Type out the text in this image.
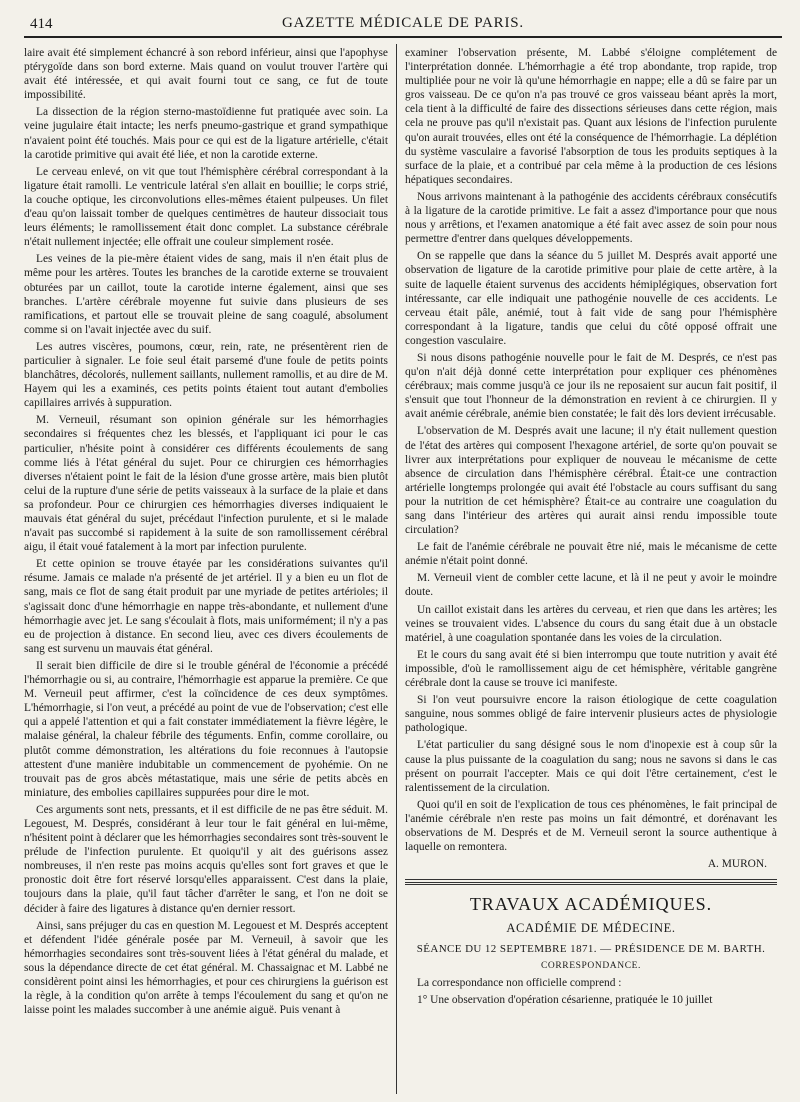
414	GAZETTE MÉDICALE DE PARIS.

laire avait été simplement échancré à son rebord inférieur, ainsi que l'apophyse ptérygoïde dans son bord externe. Mais quand on voulut trouver l'artère qui avait été intéressée, et qui avait fourni tout ce sang, ce fut de toute impossibilité.

La dissection de la région sterno-mastoïdienne fut pratiquée avec soin. La veine jugulaire était intacte; les nerfs pneumo-gastrique et grand sympathique n'avaient point été touchés. Mais pour ce qui est de la ligature artérielle, c'était la carotide primitive qui avait été liée, et non la carotide externe.

Le cerveau enlevé, on vit que tout l'hémisphère cérébral correspondant à la ligature était ramolli. Le ventricule latéral s'en allait en bouillie; le corps strié, la couche optique, les circonvolutions elles-mêmes étaient pulpeuses. Un filet d'eau qu'on laissait tomber de quelques centimètres de hauteur dissociait tous leurs éléments; le ramollissement était donc complet. La substance cérébrale n'était nullement injectée; elle offrait une couleur simplement rosée.

Les veines de la pie-mère étaient vides de sang, mais il n'en était plus de même pour les artères. Toutes les branches de la carotide externe se trouvaient obturées par un caillot, toute la carotide interne également, ainsi que ses branches. L'artère cérébrale moyenne fut suivie dans plusieurs de ses ramifications, et partout elle se trouvait pleine de sang coagulé, absolument comme si on l'avait injectée avec du suif.

Les autres viscères, poumons, cœur, rein, rate, ne présentèrent rien de particulier à signaler. Le foie seul était parsemé d'une foule de petits points blanchâtres, décolorés, nullement saillants, nullement ramollis, et au dire de M. Hayem qui les a examinés, ces petits points étaient tout autant d'embolies capillaires arrivés à suppuration.

M. Verneuil, résumant son opinion générale sur les hémorrhagies secondaires si fréquentes chez les blessés, et l'appliquant ici pour le cas particulier, n'hésite point à considérer ces différents écoulements de sang comme liés à l'état général du sujet. Pour ce chirurgien ces hémorrhagies diverses n'étaient point le fait de la lésion d'une grosse artère, mais bien plutôt celui de la rupture d'une série de petits vaisseaux à la surface de la plaie et dans sa profondeur. Pour ce chirurgien ces hémorrhagies diverses indiquaient le mauvais état général du sujet, précédaut l'infection purulente, et si le malade n'avait pas succombé si rapidement à la suite de son ramollissement cérébral aigu, il était voué fatalement à la mort par infection purulente.

Et cette opinion se trouve étayée par les considérations suivantes qu'il résume. Jamais ce malade n'a présenté de jet artériel. Il y a bien eu un flot de sang, mais ce flot de sang était produit par une myriade de petites artérioles; il s'agissait donc d'une hémorrhagie en nappe très-abondante, et nullement d'une hémorrhagie avec jet. Le sang s'écoulait à flots, mais uniformément; il n'y a pas eu de projection à distance. En second lieu, avec ces divers écoulements de sang est survenu un mauvais état général.

Il serait bien difficile de dire si le trouble général de l'économie a précédé l'hémorrhagie ou si, au contraire, l'hémorrhagie est apparue la première. Ce que M. Verneuil peut affirmer, c'est la coïncidence de ces deux symptômes. L'hémorrhagie, si l'on veut, a précédé au point de vue de l'observation; c'est elle qui a appelé l'attention et qui a fait constater immédiatement la fièvre légère, le malaise général, la chaleur fébrile des téguments. Enfin, comme corollaire, ou plutôt comme démonstration, les altérations du foie reconnues à l'autopsie attestent d'une manière indubitable un commencement de pyohémie. On ne trouvait pas de gros abcès métastatique, mais une série de petits abcès en miniature, des embolies capillaires suppurées pour dire le mot.

Ces arguments sont nets, pressants, et il est difficile de ne pas être séduit. M. Legouest, M. Després, considérant à leur tour le fait général en lui-même, n'hésitent point à déclarer que les hémorrhagies secondaires sont très-souvent le prélude de l'infection purulente. Et quoiqu'il y ait des guérisons assez nombreuses, il n'en reste pas moins acquis qu'elles sont fort graves et que le pronostic doit être fort réservé lorsqu'elles apparaissent. C'est dans la plaie, toujours dans la plaie, qu'il faut tâcher d'arrêter le sang, et l'on ne doit se décider à faire des ligatures à distance qu'en dernier ressort.

Ainsi, sans préjuger du cas en question M. Legouest et M. Després acceptent et défendent l'idée générale posée par M. Verneuil, à savoir que les hémorrhagies secondaires sont très-souvent liées à l'état général du malade, et sous la dépendance directe de cet état général. M. Chassaignac et M. Labbé ne considèrent point ainsi les hémorrhagies, et pour ces chirurgiens la guérison est la règle, à la condition qu'on arrête à temps l'écoulement du sang et qu'on ne laisse point les malades succomber à une anémie aiguë. Puis venant à

examiner l'observation présente, M. Labbé s'éloigne complétement de l'interprétation donnée. L'hémorrhagie a été trop abondante, trop rapide, trop multipliée pour ne voir là qu'une hémorrhagie en nappe; elle a dû se faire par un gros vaisseau. De ce qu'on n'a pas trouvé ce gros vaisseau béant après la mort, cela tient à la difficulté de faire des dissections sérieuses dans cette région, mais cela ne prouve pas qu'il n'existait pas. Quant aux lésions de l'infection purulente qu'on aurait trouvées, elles ont été la conséquence de l'hémorrhagie. La déplétion du système vasculaire a favorisé l'absorption de tous les produits septiques à la surface de la plaie, et a contribué par cela même à la production de ces lésions hépatiques secondaires.

Nous arrivons maintenant à la pathogénie des accidents cérébraux consécutifs à la ligature de la carotide primitive. Le fait a assez d'importance pour que nous nous y arrêtions, et l'examen anatomique a été fait avec assez de soin pour nous permettre d'entrer dans quelques développements.

On se rappelle que dans la séance du 5 juillet M. Després avait apporté une observation de ligature de la carotide primitive pour plaie de cette artère, à la suite de laquelle étaient survenus des accidents hémiplégiques, observation fort intéressante, car elle indiquait une pathogénie nouvelle de ces accidents. Le cerveau était pâle, anémié, tout à fait vide de sang pour l'hémisphère correspondant à la ligature, tandis que celui du côté opposé offrait une congestion vasculaire.

Si nous disons pathogénie nouvelle pour le fait de M. Després, ce n'est pas qu'on n'ait déjà donné cette interprétation pour expliquer ces phénomènes cérébraux; mais comme jusqu'à ce jour ils ne reposaient sur aucun fait positif, il s'ensuit que tout l'honneur de la démonstration en revient à ce chirurgien. Il y avait anémie cérébrale, anémie bien constatée; le fait dès lors devient irrécusable.

L'observation de M. Després avait une lacune; il n'y était nullement question de l'état des artères qui composent l'hexagone artériel, de sorte qu'on pouvait se livrer aux interprétations pour expliquer de nouveau le mécanisme de cette absence de circulation dans l'hémisphère cérébral. Était-ce une contraction artérielle longtemps prolongée qui avait été l'obstacle au cours suffisant du sang pour la nutrition de cet hémisphère? Était-ce au contraire une coagulation du sang dans l'intérieur des artères qui aurait ainsi rendu impossible toute circulation?

Le fait de l'anémie cérébrale ne pouvait être nié, mais le mécanisme de cette anémie n'était point donné.

M. Verneuil vient de combler cette lacune, et là il ne peut y avoir le moindre doute.

Un caillot existait dans les artères du cerveau, et rien que dans les artères; les veines se trouvaient vides. L'absence du cours du sang était due à un obstacle matériel, à une coagulation spontanée dans les voies de la circulation.

Et le cours du sang avait été si bien interrompu que toute nutrition y avait été impossible, d'où le ramollissement aigu de cet hémisphère, véritable gangrène cérébrale dont la cause se trouve ici manifeste.

Si l'on veut poursuivre encore la raison étiologique de cette coagulation sanguine, nous sommes obligé de faire intervenir plusieurs actes de physiologie pathologique.

L'état particulier du sang désigné sous le nom d'inopexie est à coup sûr la cause la plus puissante de la coagulation du sang; nous ne savons si dans le cas présent on pourrait l'accepter. Mais ce qui doit l'être certainement, c'est le ralentissement de la circulation.

Quoi qu'il en soit de l'explication de tous ces phénomènes, le fait principal de l'anémie cérébrale n'en reste pas moins un fait démontré, et dorénavant les observations de M. Després et de M. Verneuil seront la source authentique à laquelle on remontera.

A. MURON.
TRAVAUX ACADÉMIQUES.
ACADÉMIE DE MÉDECINE.
SÉANCE DU 12 SEPTEMBRE 1871. — PRÉSIDENCE DE M. BARTH.
CORRESPONDANCE.

La correspondance non officielle comprend :

1° Une observation d'opération césarienne, pratiquée le 10 juillet
